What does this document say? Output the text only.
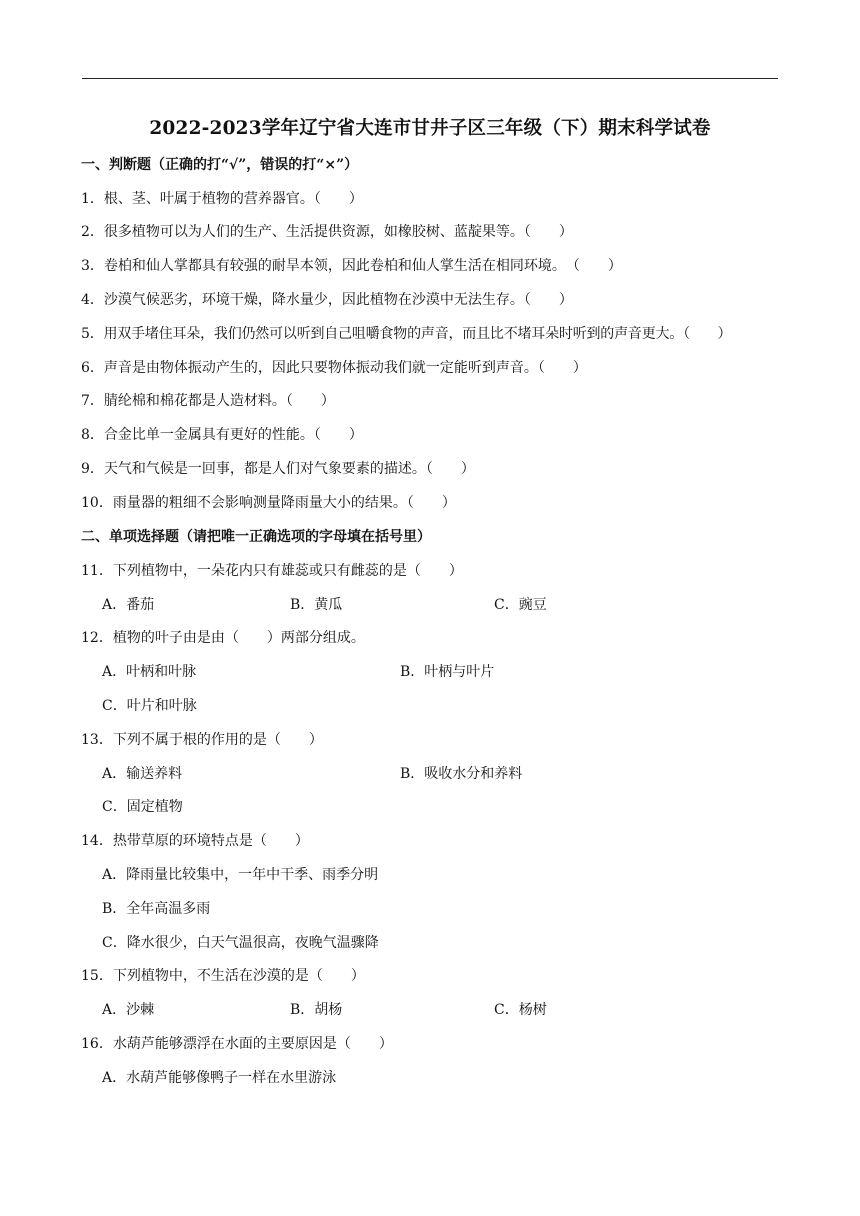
2022-2023学年辽宁省大连市甘井子区三年级（下）期末科学试卷
一、判断题（正确的打“√”，错误的打“×”）
1．根、茎、叶属于植物的营养器官。（　　）
2．很多植物可以为人们的生产、生活提供资源，如橡胶树、蓝靛果等。（　　）
3．卷柏和仙人掌都具有较强的耐旱本领，因此卷柏和仙人掌生活在相同环境。　（　　）
4．沙漠气候恶劣，环境干燥，降水量少，因此植物在沙漠中无法生存。（　　）
5．用双手堵住耳朵，我们仍然可以听到自己咀嚼食物的声音，而且比不堵耳朵时听到的声音更大。（　　）
6．声音是由物体振动产生的，因此只要物体振动我们就一定能听到声音。（　　）
7．腈纶棉和棉花都是人造材料。（　　）
8．合金比单一金属具有更好的性能。（　　）
9．天气和气候是一回事，都是人们对气象要素的描述。（　　）
10．雨量器的粗细不会影响测量降雨量大小的结果。（　　）
二、单项选择题（请把唯一正确选项的字母填在括号里）
11．下列植物中，一朵花内只有雄蕊或只有雌蕊的是（　　）
A．番茄	B．黄瓜	C．豌豆
12．植物的叶子由是由（　　）两部分组成。
A．叶柄和叶脉	B．叶柄与叶片
C．叶片和叶脉
13．下列不属于根的作用的是（　　）
A．输送养料	B．吸收水分和养料
C．固定植物
14．热带草原的环境特点是（　　）
A．降雨量比较集中，一年中干季、雨季分明
B．全年高温多雨
C．降水很少，白天气温很高，夜晚气温骤降
15．下列植物中，不生活在沙漠的是（　　）
A．沙棘	B．胡杨	C．杨树
16．水葫芦能够漂浮在水面的主要原因是（　　）
A．水葫芦能够像鸭子一样在水里游泳
